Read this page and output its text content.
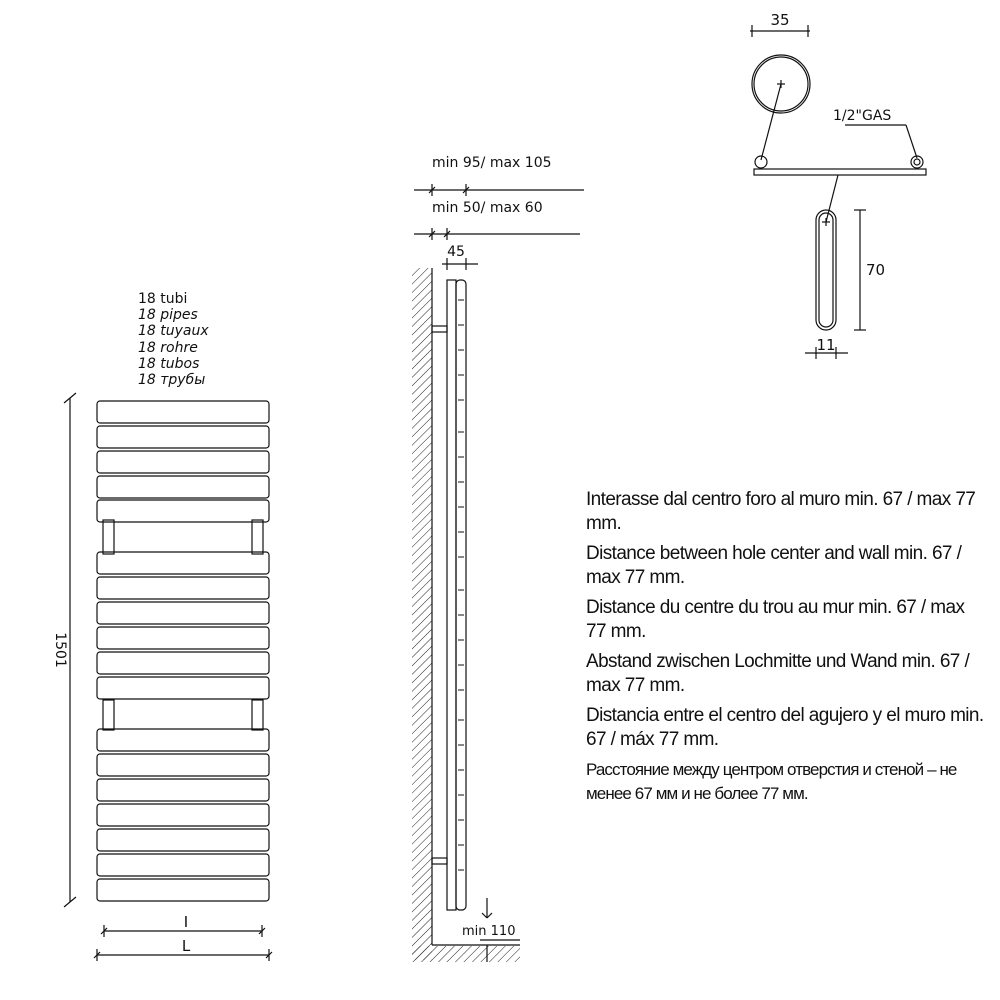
18 tubi
18 pipes
18 tuyaux
18 rohre
18 tubos
18 трубы
1501
I
L
min 95/ max 105
min 50/ max 60
45
min 110
35
1/2"GAS
70
11

Interasse dal centro foro al muro min. 67 / max 77 mm.

Distance between hole center and wall min. 67 / max 77 mm.

Distance du centre du trou au mur min. 67 / max 77 mm.

Abstand zwischen Lochmitte und Wand min. 67 / max 77 mm.

Distancia entre el centro del agujero y el muro min. 67 / máx 77 mm.

Расстояние между центром отверстия и стеной – не менее 67 мм и не более 77 мм.
